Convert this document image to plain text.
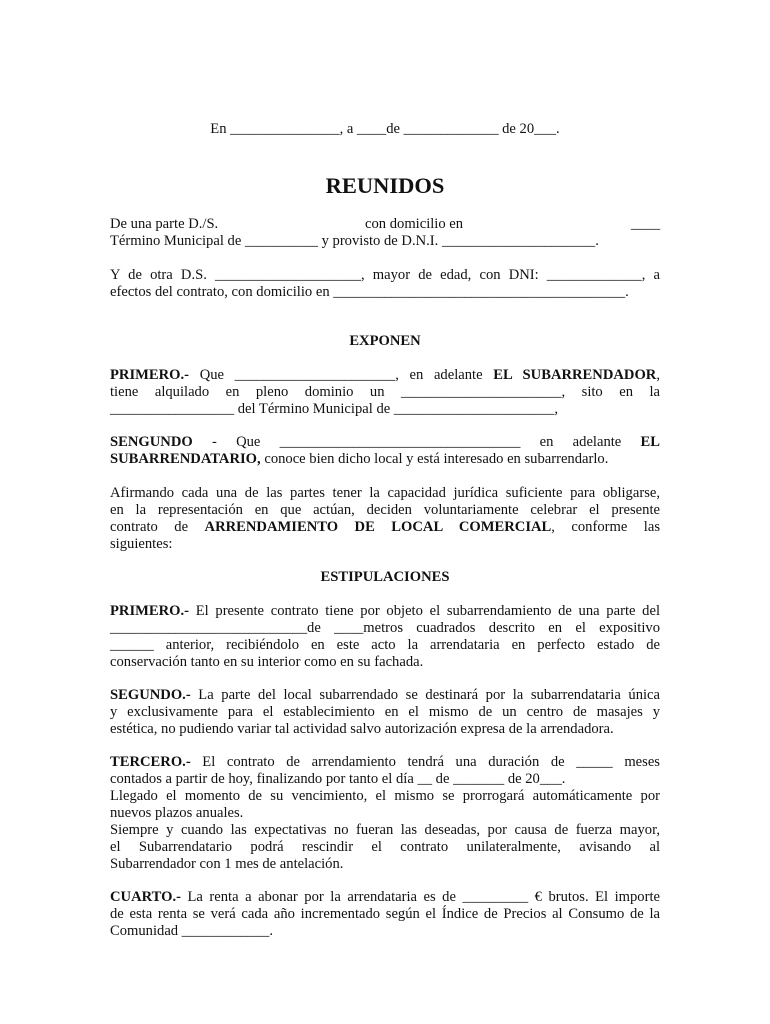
En _______________, a ____de _____________ de 20___.
REUNIDOS
De una parte D./S.	con domicilio en	____
Término Municipal de __________ y provisto de D.N.I. _____________________.
Y de otra D.S. ____________________, mayor de edad, con DNI: _____________, a
efectos del contrato, con domicilio en ________________________________________.
EXPONEN
PRIMERO.- Que ______________________, en adelante EL SUBARRENDADOR,
tiene alquilado en pleno dominio un ______________________, sito en la
_________________ del Término Municipal de ______________________,
SENGUNDO - Que _________________________________ en adelante EL
SUBARRENDATARIO, conoce bien dicho local y está interesado en subarrendarlo.
Afirmando cada una de las partes tener la capacidad jurídica suficiente para obligarse,
en la representación en que actúan, deciden voluntariamente celebrar el presente
contrato de ARRENDAMIENTO DE LOCAL COMERCIAL, conforme las
siguientes:
ESTIPULACIONES
PRIMERO.- El presente contrato tiene por objeto el subarrendamiento de una parte del
___________________________de ____metros cuadrados descrito en el expositivo
______ anterior, recibiéndolo en este acto la arrendataria en perfecto estado de
conservación tanto en su interior como en su fachada.
SEGUNDO.- La parte del local subarrendado se destinará por la subarrendataria única
y exclusivamente para el establecimiento en el mismo de un centro de masajes y
estética, no pudiendo variar tal actividad salvo autorización expresa de la arrendadora.
TERCERO.- El contrato de arrendamiento tendrá una duración de _____ meses
contados a partir de hoy, finalizando por tanto el día __ de _______ de 20___.
Llegado el momento de su vencimiento, el mismo se prorrogará automáticamente por
nuevos plazos anuales.
Siempre y cuando las expectativas no fueran las deseadas, por causa de fuerza mayor,
el Subarrendatario podrá rescindir el contrato unilateralmente, avisando al
Subarrendador con 1 mes de antelación.
CUARTO.- La renta a abonar por la arrendataria es de _________ € brutos. El importe
de esta renta se verá cada año incrementado según el Índice de Precios al Consumo de la
Comunidad ____________.
